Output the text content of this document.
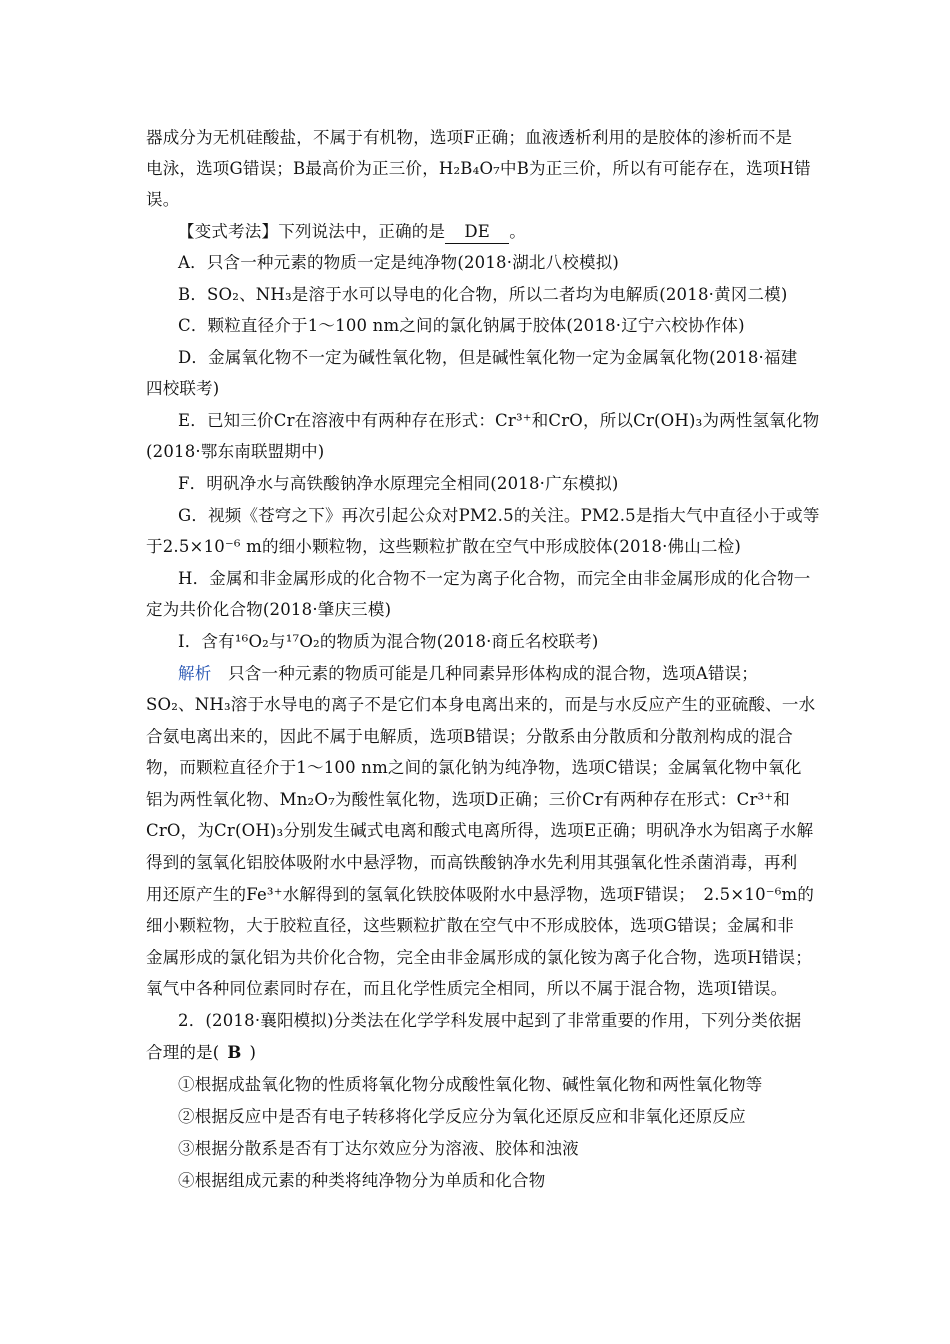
器成分为无机硅酸盐，不属于有机物，选项F正确；血液透析利用的是胶体的渗析而不是
电泳，选项G错误；B最高价为正三价，H₂B₄O₇中B为正三价，所以有可能存在，选项H错
误。
【变式考法】下列说法中，正确的是 DE 。
A．只含一种元素的物质一定是纯净物(2018·湖北八校模拟)
B．SO₂、NH₃是溶于水可以导电的化合物，所以二者均为电解质(2018·黄冈二模)
C．颗粒直径介于1～100 nm之间的氯化钠属于胶体(2018·辽宁六校协作体)
D．金属氧化物不一定为碱性氧化物，但是碱性氧化物一定为金属氧化物(2018·福建
四校联考)
E．已知三价Cr在溶液中有两种存在形式：Cr³⁺和CrO，所以Cr(OH)₃为两性氢氧化物
(2018·鄂东南联盟期中)
F．明矾净水与高铁酸钠净水原理完全相同(2018·广东模拟)
G．视频《苍穹之下》再次引起公众对PM2.5的关注。PM2.5是指大气中直径小于或等
于2.5×10⁻⁶ m的细小颗粒物，这些颗粒扩散在空气中形成胶体(2018·佛山二检)
H．金属和非金属形成的化合物不一定为离子化合物，而完全由非金属形成的化合物一
定为共价化合物(2018·肇庆三模)
I．含有¹⁶O₂与¹⁷O₂的物质为混合物(2018·商丘名校联考)
解析　只含一种元素的物质可能是几种同素异形体构成的混合物，选项A错误；
SO₂、NH₃溶于水导电的离子不是它们本身电离出来的，而是与水反应产生的亚硫酸、一水
合氨电离出来的，因此不属于电解质，选项B错误；分散系由分散质和分散剂构成的混合
物，而颗粒直径介于1～100 nm之间的氯化钠为纯净物，选项C错误；金属氧化物中氧化
铝为两性氧化物、Mn₂O₇为酸性氧化物，选项D正确；三价Cr有两种存在形式：Cr³⁺和
CrO，为Cr(OH)₃分别发生碱式电离和酸式电离所得，选项E正确；明矾净水为铝离子水解
得到的氢氧化铝胶体吸附水中悬浮物，而高铁酸钠净水先利用其强氧化性杀菌消毒，再利
用还原产生的Fe³⁺水解得到的氢氧化铁胶体吸附水中悬浮物，选项F错误；　2.5×10⁻⁶m的
细小颗粒物，大于胶粒直径，这些颗粒扩散在空气中不形成胶体，选项G错误；金属和非
金属形成的氯化铝为共价化合物，完全由非金属形成的氯化铵为离子化合物，选项H错误；
氧气中各种同位素同时存在，而且化学性质完全相同，所以不属于混合物，选项I错误。
2．(2018·襄阳模拟)分类法在化学学科发展中起到了非常重要的作用，下列分类依据
合理的是( B )
①根据成盐氧化物的性质将氧化物分成酸性氧化物、碱性氧化物和两性氧化物等
②根据反应中是否有电子转移将化学反应分为氧化还原反应和非氧化还原反应
③根据分散系是否有丁达尔效应分为溶液、胶体和浊液
④根据组成元素的种类将纯净物分为单质和化合物
